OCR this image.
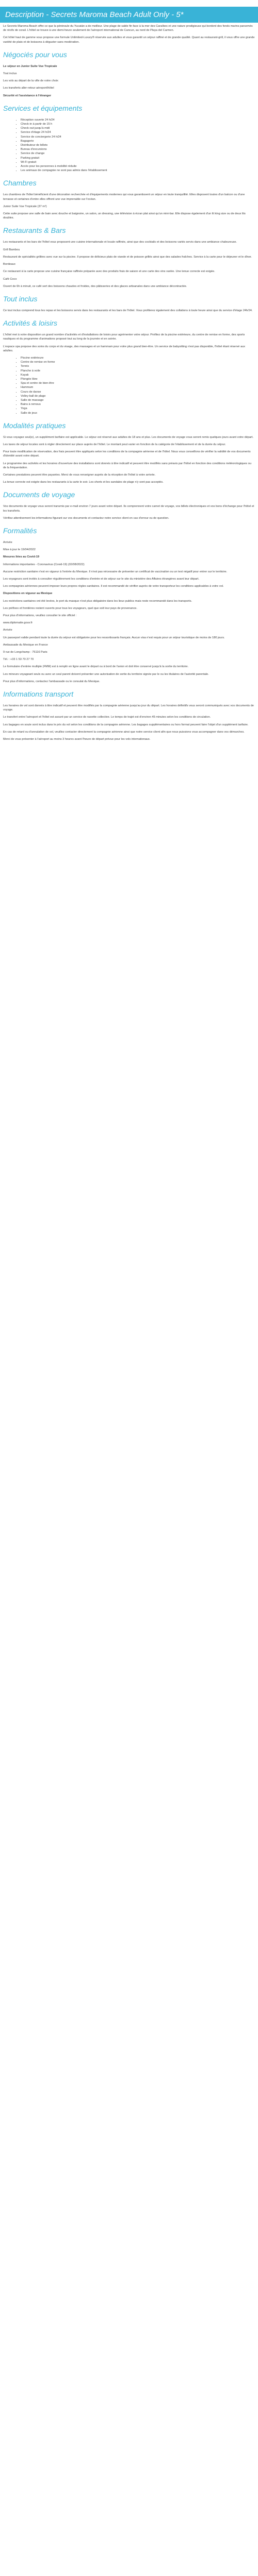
Description - Secrets Maroma Beach Adult Only - 5*

Le Secrets Maroma Beach offre ce que la péninsule du Yucatán a de meilleur. Une plage de sable fin face à la mer des Caraïbes et une nature prodigieuse qui bordent des fonds marins parsemés de récifs de corail. L'hôtel se trouve à une demi-heure seulement de l'aéroport international de Cancun, au nord de Playa del Carmen.

Cet hôtel haut de gamme vous propose une formule Unlimited-Luxury® réservée aux adultes et vous garantit un séjour raffiné et de grande qualité. Quant au restaurant-grill, il vous offre une grande variété de plats et de boissons à déguster sans modération.

Négociés pour vous

Le séjour en Junior Suite Vue Tropicale

Tout inclus

Les vols au départ de la ville de votre choix

Les transferts aller-retour aéroport/hôtel

Sécurité et l'assistance à l'étranger

Services et équipements
• Réception ouverte 24 h/24
• Check-in à partir de 15 h
• Check-out jusqu'à midi
• Service d'étage 24 h/24
• Service de conciergerie 24 h/24
• Bagagerie
• Distributeur de billets
• Bureau d'excursions
• Service de change
• Parking gratuit
• Wi-Fi gratuit
• Accès pour les personnes à mobilité réduite
• Les animaux de compagnie ne sont pas admis dans l'établissement
Chambres

Les chambres de l'hôtel bénéficient d'une décoration recherchée et d'équipements modernes qui vous garantissent un séjour en toute tranquillité. Elles disposent toutes d'un balcon ou d'une terrasse et certaines d'entre elles offrent une vue imprenable sur l'océan.

Junior Suite Vue Tropicale (37 m²)

Cette suite propose une salle de bain avec douche et baignoire, un salon, un dressing, une télévision à écran plat ainsi qu'un mini-bar. Elle dispose également d'un lit king size ou de deux lits doubles.

Restaurants & Bars

Les restaurants et les bars de l'hôtel vous proposent une cuisine internationale et locale raffinée, ainsi que des cocktails et des boissons variés servis dans une ambiance chaleureuse.

Grill Bambou

Restaurant de spécialités grillées avec vue sur la piscine. Il propose de délicieux plats de viande et de poisson grillés ainsi que des salades fraîches. Service à la carte pour le déjeuner et le dîner.

Bordeaux

Ce restaurant à la carte propose une cuisine française raffinée préparée avec des produits frais de saison et une carte des vins variée. Une tenue correcte est exigée.

Café Coco

Ouvert de 6h à minuit, ce café sert des boissons chaudes et froides, des pâtisseries et des glaces artisanales dans une ambiance décontractée.

Tout inclus

Ce tout inclus comprend tous les repas et les boissons servis dans les restaurants et les bars de l'hôtel. Vous profiterez également des collations à toute heure ainsi que du service d'étage 24h/24.

Activités & loisirs

L'hôtel met à votre disposition un grand nombre d'activités et d'installations de loisirs pour agrémenter votre séjour. Profitez de la piscine extérieure, du centre de remise en forme, des sports nautiques et du programme d'animations proposé tout au long de la journée et en soirée.

L'espace spa propose des soins du corps et du visage, des massages et un hammam pour votre plus grand bien-être. Un service de babysitting n'est pas disponible, l'hôtel étant réservé aux adultes.

• Piscine extérieure
• Centre de remise en forme
• Tennis
• Planche à voile
• Kayak
• Plongée libre
• Spa et centre de bien-être
• Hammam
• Cours de danse
• Volley-ball de plage
• Salle de massage
• Bains à remous
• Yoga
• Salle de jeux
Modalités pratiques

Si vous voyagez seul(e), un supplément tarifaire est applicable. Le séjour est réservé aux adultes de 18 ans et plus. Les documents de voyage vous seront remis quelques jours avant votre départ.

Les taxes de séjour locales sont à régler directement sur place auprès de l'hôtel. Le montant peut varier en fonction de la catégorie de l'établissement et de la durée du séjour.

Pour toute modification de réservation, des frais peuvent être appliqués selon les conditions de la compagnie aérienne et de l'hôtel. Nous vous conseillons de vérifier la validité de vos documents d'identité avant votre départ.

Le programme des activités et les horaires d'ouverture des installations sont donnés à titre indicatif et peuvent être modifiés sans préavis par l'hôtel en fonction des conditions météorologiques ou de la fréquentation.

Certaines prestations peuvent être payantes. Merci de vous renseigner auprès de la réception de l'hôtel à votre arrivée.

La tenue correcte est exigée dans les restaurants à la carte le soir. Les shorts et les sandales de plage n'y sont pas acceptés.

Documents de voyage

Vos documents de voyage vous seront transmis par e-mail environ 7 jours avant votre départ. Ils comprennent votre carnet de voyage, vos billets électroniques et vos bons d'échange pour l'hôtel et les transferts.

Vérifiez attentivement les informations figurant sur vos documents et contactez notre service client en cas d'erreur ou de question.

Formalités

Arrivée

Mise à jour le 19/04/2022

Mesures liées au Covid-19

Informations importantes - Coronavirus (Covid-19) (02/08/2022)

Aucune restriction sanitaire n'est en vigueur à l'entrée du Mexique. Il n'est pas nécessaire de présenter un certificat de vaccination ou un test négatif pour entrer sur le territoire.

Les voyageurs sont invités à consulter régulièrement les conditions d'entrée et de séjour sur le site du ministère des Affaires étrangères avant leur départ.

Les compagnies aériennes peuvent imposer leurs propres règles sanitaires. Il est recommandé de vérifier auprès de votre transporteur les conditions applicables à votre vol.

Dispositions en vigueur au Mexique

Les restrictions sanitaires ont été levées, le port du masque n'est plus obligatoire dans les lieux publics mais reste recommandé dans les transports.

Les préfixes et frontières restent ouverts pour tous les voyageurs, quel que soit leur pays de provenance.

Pour plus d'informations, veuillez consulter le site officiel :

www.diplomatie.gouv.fr

Arrivée

Un passeport valide pendant toute la durée du séjour est obligatoire pour les ressortissants français. Aucun visa n'est requis pour un séjour touristique de moins de 180 jours.

Ambassade du Mexique en France

9 rue de Longchamp - 75116 Paris

Tél. : +33 1 53 70 27 70

Le formulaire d'entrée multiple (FMM) est à remplir en ligne avant le départ ou à bord de l'avion et doit être conservé jusqu'à la sortie du territoire.

Les mineurs voyageant seuls ou avec un seul parent doivent présenter une autorisation de sortie du territoire signée par le ou les titulaires de l'autorité parentale.

Pour plus d'informations, contactez l'ambassade ou le consulat du Mexique.

Informations transport

Les horaires de vol sont donnés à titre indicatif et peuvent être modifiés par la compagnie aérienne jusqu'au jour du départ. Les horaires définitifs vous seront communiqués avec vos documents de voyage.

Le transfert entre l'aéroport et l'hôtel est assuré par un service de navette collective. Le temps de trajet est d'environ 45 minutes selon les conditions de circulation.

Les bagages en soute sont inclus dans le prix du vol selon les conditions de la compagnie aérienne. Les bagages supplémentaires ou hors format peuvent faire l'objet d'un supplément tarifaire.

En cas de retard ou d'annulation de vol, veuillez contacter directement la compagnie aérienne ainsi que notre service client afin que nous puissions vous accompagner dans vos démarches.

Merci de vous présenter à l'aéroport au moins 3 heures avant l'heure de départ prévue pour les vols internationaux.
